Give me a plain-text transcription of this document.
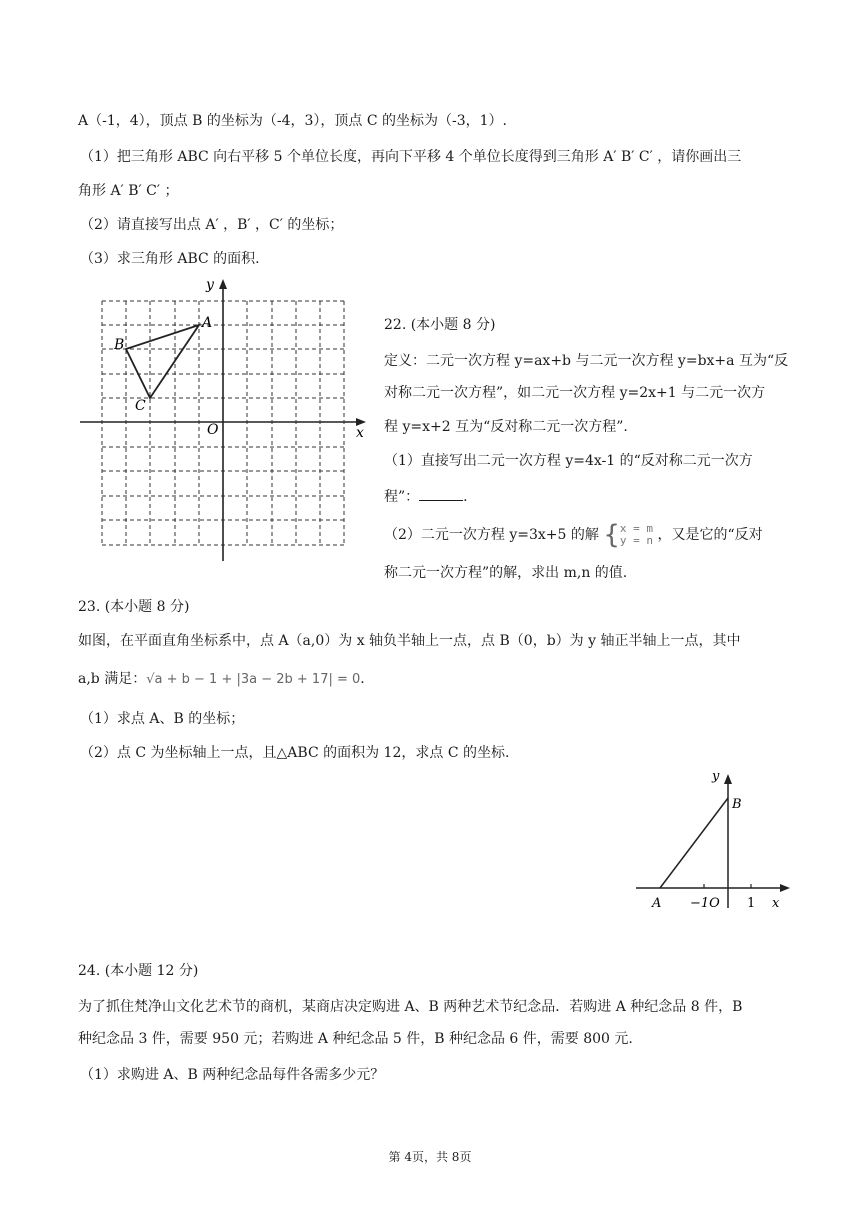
A（-1，4），顶点 B 的坐标为（-4，3），顶点 C 的坐标为（-3，1）.
（1）把三角形 ABC 向右平移 5 个单位长度，再向下平移 4 个单位长度得到三角形 A′ B′ C′ ，请你画出三
角形 A′ B′ C′ ；
（2）请直接写出点 A′ ，B′ ，C′ 的坐标；
（3）求三角形 ABC 的面积.
A
B
C
O
y
x
22. (本小题 8 分)
定义：二元一次方程 y=ax+b 与二元一次方程 y=bx+a 互为“反
对称二元一次方程”，如二元一次方程 y=2x+1 与二元一次方
程 y=x+2 互为“反对称二元一次方程”.
（1）直接写出二元一次方程 y=4x-1 的“反对称二元一次方
程”：	.
（2）二元一次方程 y=3x+5 的解 {x = m
y = n ，又是它的“反对
称二元一次方程”的解，求出 m,n 的值.
23. (本小题 8 分)
如图，在平面直角坐标系中，点 A（a,0）为 x 轴负半轴上一点，点 B（0，b）为 y 轴正半轴上一点，其中
a,b 满足：√a + b − 1 + |3a − 2b + 17| = 0.
（1）求点 A、B 的坐标；
（2）点 C 为坐标轴上一点，且△ABC 的面积为 12，求点 C 的坐标.
y
B
A −1O 1 x
24. (本小题 12 分)
为了抓住梵净山文化艺术节的商机，某商店决定购进 A、B 两种艺术节纪念品．若购进 A 种纪念品 8 件，B
种纪念品 3 件，需要 950 元；若购进 A 种纪念品 5 件，B 种纪念品 6 件，需要 800 元.
（1）求购进 A、B 两种纪念品每件各需多少元？
第 4页，共 8页
